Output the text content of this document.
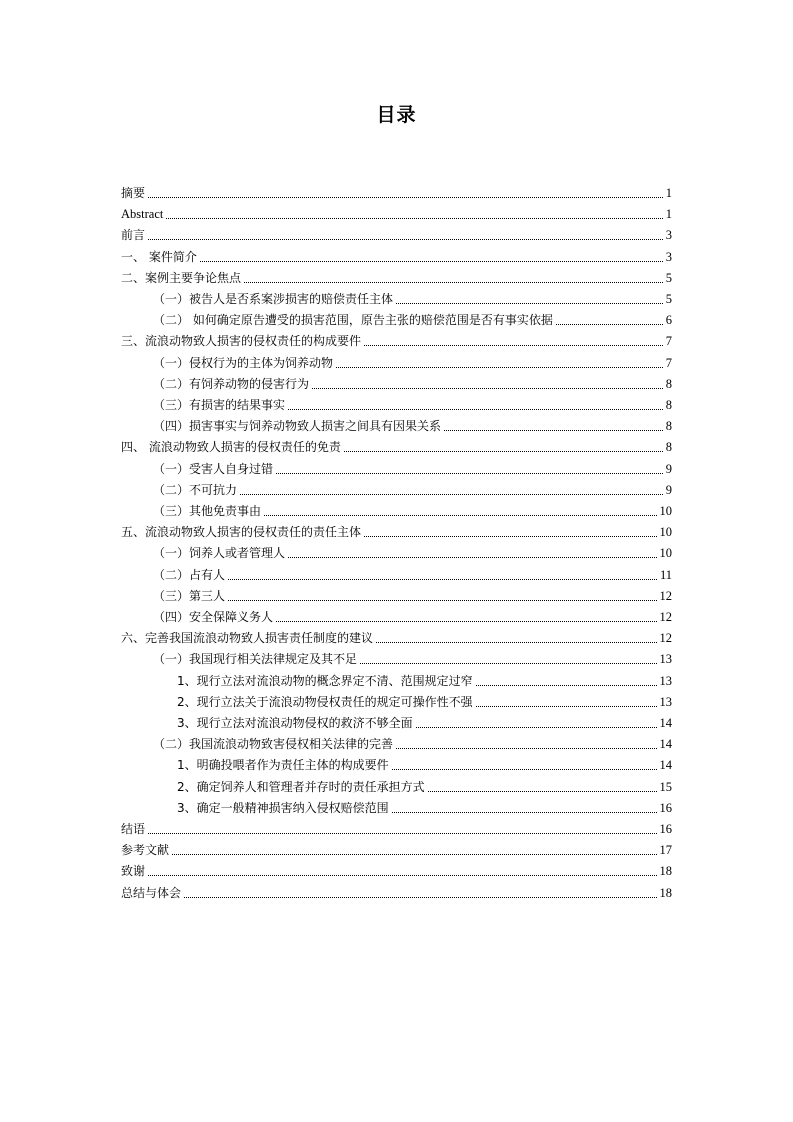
目录
摘要	1
Abstract	1
前言	3
一、 案件简介	3
二、案例主要争论焦点	5
（一）被告人是否系案涉损害的赔偿责任主体	5
（二） 如何确定原告遭受的损害范围，原告主张的赔偿范围是否有事实依据	6
三、流浪动物致人损害的侵权责任的构成要件	7
（一）侵权行为的主体为饲养动物	7
（二）有饲养动物的侵害行为	8
（三）有损害的结果事实	8
（四）损害事实与饲养动物致人损害之间具有因果关系	8
四、 流浪动物致人损害的侵权责任的免责	8
（一）受害人自身过错	9
（二）不可抗力	9
（三）其他免责事由	10
五、流浪动物致人损害的侵权责任的责任主体	10
（一）饲养人或者管理人	10
（二）占有人	11
（三）第三人	12
（四）安全保障义务人	12
六、完善我国流浪动物致人损害责任制度的建议	12
（一）我国现行相关法律规定及其不足	13
1、现行立法对流浪动物的概念界定不清、范围规定过窄	13
2、现行立法关于流浪动物侵权责任的规定可操作性不强	13
3、现行立法对流浪动物侵权的救济不够全面	14
（二）我国流浪动物致害侵权相关法律的完善	14
1、明确投喂者作为责任主体的构成要件	14
2、确定饲养人和管理者并存时的责任承担方式	15
3、确定一般精神损害纳入侵权赔偿范围	16
结语	16
参考文献	17
致谢	18
总结与体会	18
